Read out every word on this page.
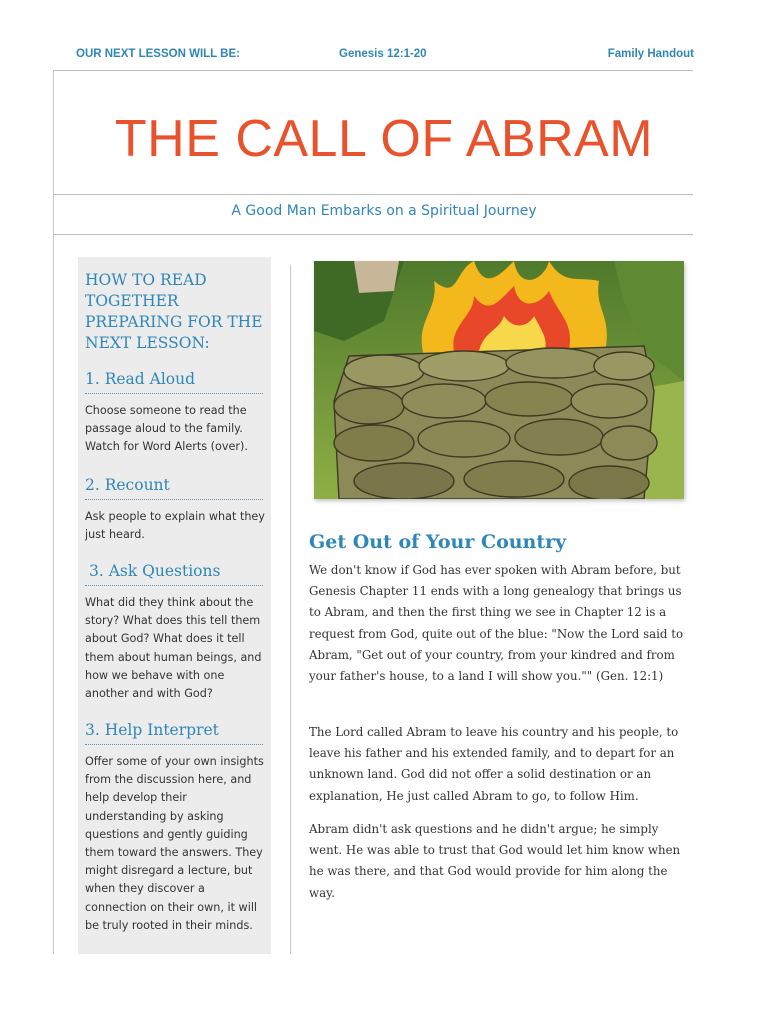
OUR NEXT LESSON WILL BE:	Genesis 12:1-20	Family Handout
THE CALL OF ABRAM
A Good Man Embarks on a Spiritual Journey
HOW TO READ TOGETHER PREPARING FOR THE NEXT LESSON:
1. Read Aloud
Choose someone to read the passage aloud to the family. Watch for Word Alerts (over).
2. Recount
Ask people to explain what they just heard.
3. Ask Questions
What did they think about the story? What does this tell them about God? What does it tell them about human beings, and how we behave with one another and with God?
3. Help Interpret
Offer some of your own insights from the discussion here, and help develop their understanding by asking questions and gently guiding them toward the answers. They might disregard a lecture, but when they discover a connection on their own, it will be truly rooted in their minds.
Get Out of Your Country
We don't know if God has ever spoken with Abram before, but Genesis Chapter 11 ends with a long genealogy that brings us to Abram, and then the first thing we see in Chapter 12 is a request from God, quite out of the blue: "Now the Lord said to Abram, "Get out of your country, from your kindred and from your father's house, to a land I will show you."" (Gen. 12:1)
The Lord called Abram to leave his country and his people, to leave his father and his extended family, and to depart for an unknown land. God did not offer a solid destination or an explanation, He just called Abram to go, to follow Him.
Abram didn't ask questions and he didn't argue; he simply went. He was able to trust that God would let him know when he was there, and that God would provide for him along the way.
